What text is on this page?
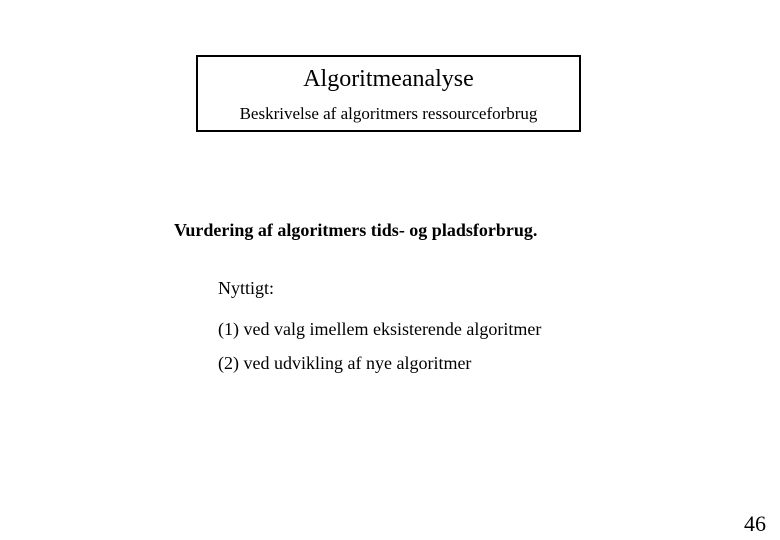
Algoritmeanalyse
Beskrivelse af algoritmers ressourceforbrug
Vurdering af algoritmers tids- og pladsforbrug.
Nyttigt:
(1) ved valg imellem eksisterende algoritmer
(2) ved udvikling af nye algoritmer
46
